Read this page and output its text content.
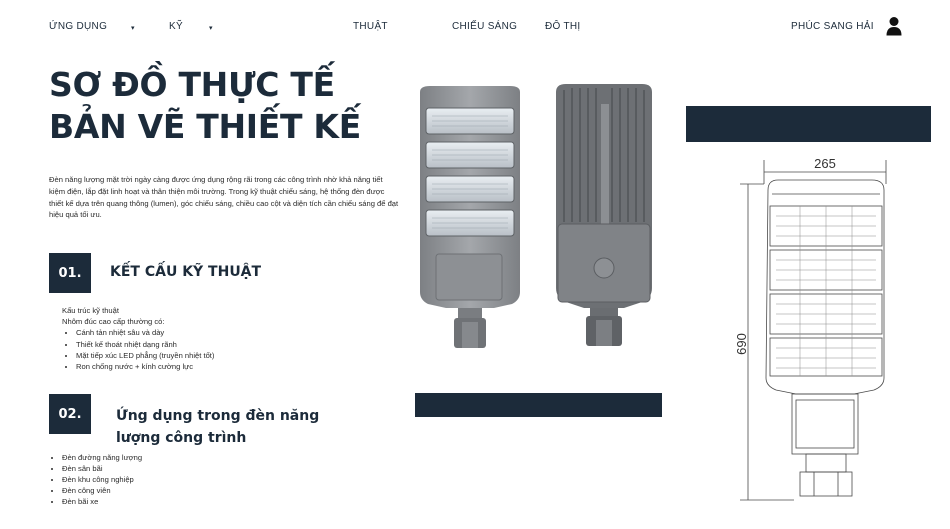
ỨNG DỤNG	▾	KỸ	▾	THUẬT	CHIẾU SÁNG	ĐÔ THỊ	PHÚC SANG HẢI
SƠ ĐỒ THỰC TẾ
BẢN VẼ THIẾT KẾ

Đèn năng lượng mặt trời ngày càng được ứng dụng rộng rãi trong các công trình nhờ khả năng tiết kiệm điện, lắp đặt linh hoạt và thân thiện môi trường. Trong kỹ thuật chiếu sáng, hệ thống đèn được thiết kế dựa trên quang thông (lumen), góc chiếu sáng, chiều cao cột và diện tích cần chiếu sáng để đạt hiệu quả tối ưu.

01.	KẾT CẤU KỸ THUẬT
Kấu trúc kỹ thuật
Nhôm đúc cao cấp thường có:
• Cánh tản nhiệt sâu và dày
• Thiết kế thoát nhiệt dạng rãnh
• Mặt tiếp xúc LED phẳng (truyền nhiệt tốt)
• Ron chống nước + kính cường lực
02.	Ứng dụng trong đèn năng lượng công trình
• Đèn đường năng lượng
• Đèn sân bãi
• Đèn khu công nghiệp
• Đèn công viên
• Đèn bãi xe
265
690
